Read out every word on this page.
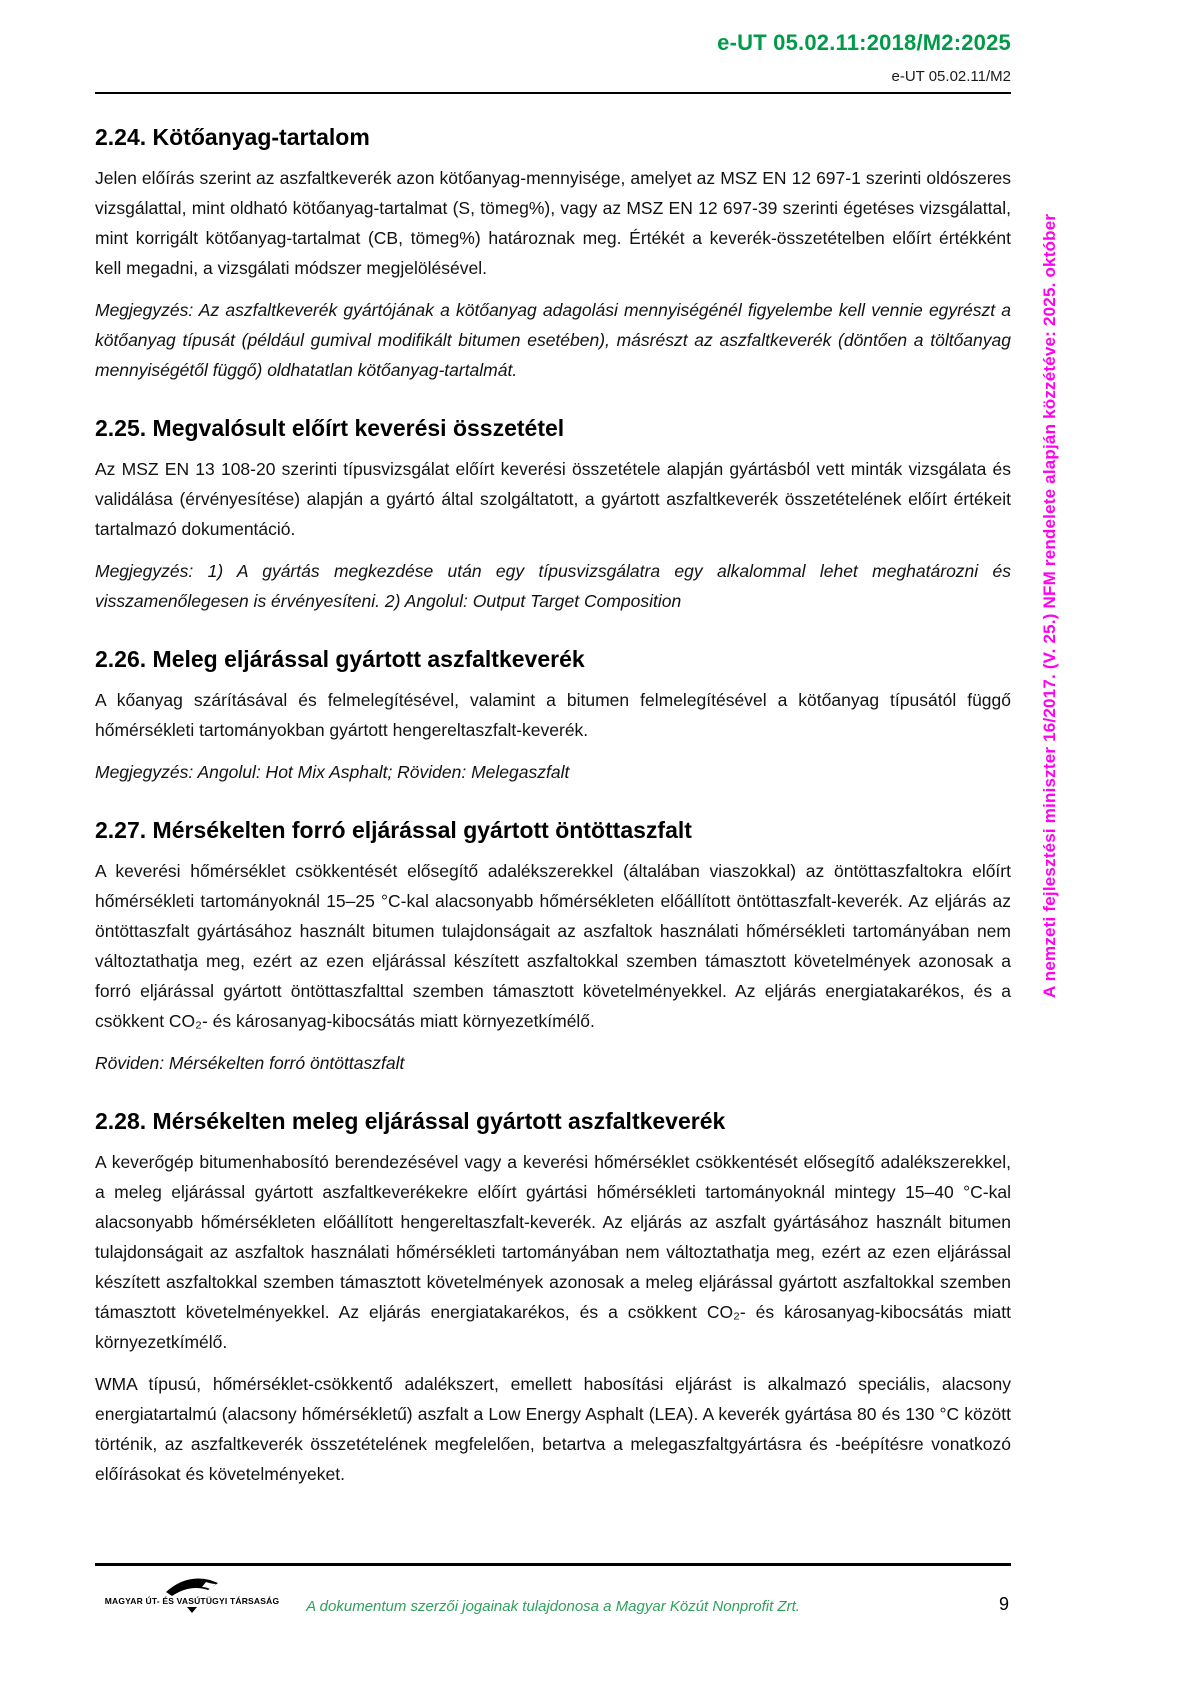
A nemzeti fejlesztési miniszter 16/2017. (V. 25.) NFM rendelete alapján közzétéve: 2025. október
e-UT 05.02.11:2018/M2:2025
e-UT 05.02.11/M2
2.24. Kötőanyag-tartalom

Jelen előírás szerint az aszfaltkeverék azon kötőanyag-mennyisége, amelyet az MSZ EN 12 697-1 szerinti oldószeres vizsgálattal, mint oldható kötőanyag-tartalmat (S, tömeg%), vagy az MSZ EN 12 697-39 szerinti égetéses vizsgálattal, mint korrigált kötőanyag-tartalmat (CB, tömeg%) határoznak meg. Értékét a keverék-összetételben előírt értékként kell megadni, a vizsgálati módszer megjelölésével.

Megjegyzés: Az aszfaltkeverék gyártójának a kötőanyag adagolási mennyiségénél figyelembe kell vennie egyrészt a kötőanyag típusát (például gumival modifikált bitumen esetében), másrészt az aszfaltkeverék (döntően a töltőanyag mennyiségétől függő) oldhatatlan kötőanyag-tartalmát.

2.25. Megvalósult előírt keverési összetétel

Az MSZ EN 13 108-20 szerinti típusvizsgálat előírt keverési összetétele alapján gyártásból vett minták vizsgálata és validálása (érvényesítése) alapján a gyártó által szolgáltatott, a gyártott aszfaltkeverék összetételének előírt értékeit tartalmazó dokumentáció.

Megjegyzés: 1) A gyártás megkezdése után egy típusvizsgálatra egy alkalommal lehet meghatározni és visszamenőlegesen is érvényesíteni. 2) Angolul: Output Target Composition

2.26. Meleg eljárással gyártott aszfaltkeverék

A kőanyag szárításával és felmelegítésével, valamint a bitumen felmelegítésével a kötőanyag típusától függő hőmérsékleti tartományokban gyártott hengereltaszfalt-keverék.

Megjegyzés: Angolul: Hot Mix Asphalt; Röviden: Melegaszfalt

2.27. Mérsékelten forró eljárással gyártott öntöttaszfalt

A keverési hőmérséklet csökkentését elősegítő adalékszerekkel (általában viaszokkal) az öntöttaszfaltokra előírt hőmérsékleti tartományoknál 15–25 °C-kal alacsonyabb hőmérsékleten előállított öntöttaszfalt-keverék. Az eljárás az öntöttaszfalt gyártásához használt bitumen tulajdonságait az aszfaltok használati hőmérsékleti tartományában nem változtathatja meg, ezért az ezen eljárással készített aszfaltokkal szemben támasztott követelmények azonosak a forró eljárással gyártott öntöttaszfalttal szemben támasztott követelményekkel. Az eljárás energiatakarékos, és a csökkent CO₂- és károsanyag-kibocsátás miatt környezetkímélő.

Röviden: Mérsékelten forró öntöttaszfalt

2.28. Mérsékelten meleg eljárással gyártott aszfaltkeverék

A keverőgép bitumenhabosító berendezésével vagy a keverési hőmérséklet csökkentését elősegítő adalékszerekkel, a meleg eljárással gyártott aszfaltkeverékekre előírt gyártási hőmérsékleti tartományoknál mintegy 15–40 °C-kal alacsonyabb hőmérsékleten előállított hengereltaszfalt-keverék. Az eljárás az aszfalt gyártásához használt bitumen tulajdonságait az aszfaltok használati hőmérsékleti tartományában nem változtathatja meg, ezért az ezen eljárással készített aszfaltokkal szemben támasztott követelmények azonosak a meleg eljárással gyártott aszfaltokkal szemben támasztott követelményekkel. Az eljárás energiatakarékos, és a csökkent CO₂- és károsanyag-kibocsátás miatt környezetkímélő.

WMA típusú, hőmérséklet-csökkentő adalékszert, emellett habosítási eljárást is alkalmazó speciális, alacsony energiatartalmú (alacsony hőmérsékletű) aszfalt a Low Energy Asphalt (LEA). A keverék gyártása 80 és 130 °C között történik, az aszfaltkeverék összetételének megfelelően, betartva a melegaszfaltgyártásra és -beépítésre vonatkozó előírásokat és követelményeket.

MAGYAR ÚT- ÉS VASÚTÜGYI TÁRSASÁG	A dokumentum szerzői jogainak tulajdonosa a Magyar Közút Nonprofit Zrt.	9
